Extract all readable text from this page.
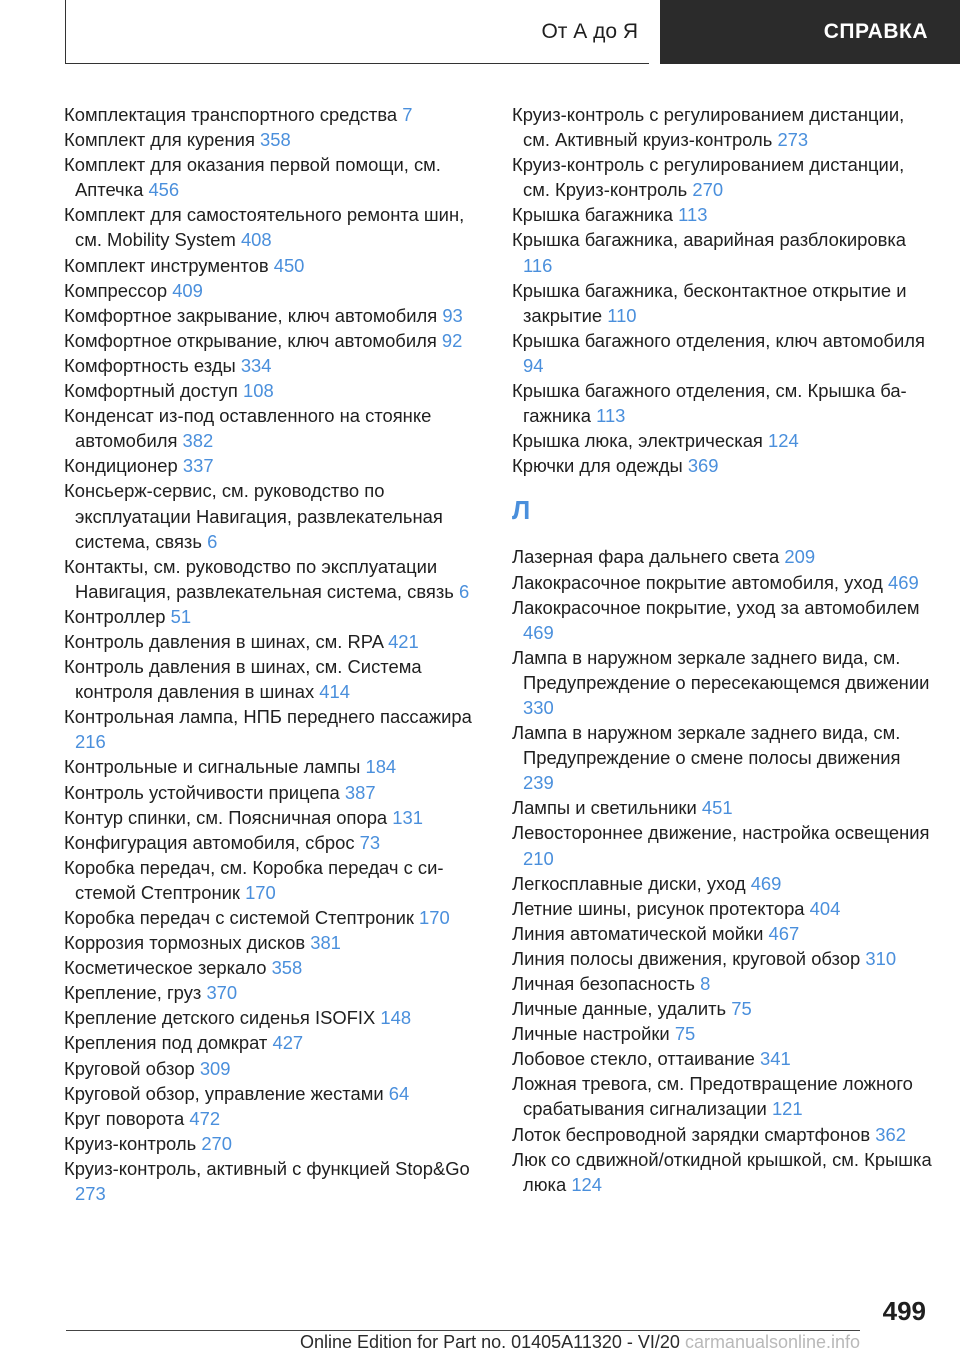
От А до Я	СПРАВКА
Комплектация транспортного средства 7
Комплект для курения 358
Комплект для оказания первой помощи, см. Аптечка 456
Комплект для самостоятельного ремонта шин, см. Mobility System 408
Комплект инструментов 450
Компрессор 409
Комфортное закрывание, ключ автомобиля 93
Комфортное открывание, ключ автомобиля 92
Комфортность езды 334
Комфортный доступ 108
Конденсат из-под оставленного на стоянке автомобиля 382
Кондиционер 337
Консьерж-сервис, см. руководство по эксплуатации Навигация, развлекательная система, связь 6
Контакты, см. руководство по эксплуатации Навигация, развлекательная система, связь 6
Контроллер 51
Контроль давления в шинах, см. RPA 421
Контроль давления в шинах, см. Система контроля давления в шинах 414
Контрольная лампа, НПБ переднего пассажира 216
Контрольные и сигнальные лампы 184
Контроль устойчивости прицепа 387
Контур спинки, см. Поясничная опора 131
Конфигурация автомобиля, сброс 73
Коробка передач, см. Коробка передач с системой Стептроник 170
Коробка передач с системой Стептроник 170
Коррозия тормозных дисков 381
Косметическое зеркало 358
Крепление, груз 370
Крепление детского сиденья ISOFIX 148
Крепления под домкрат 427
Круговой обзор 309
Круговой обзор, управление жестами 64
Круг поворота 472
Круиз-контроль 270
Круиз-контроль, активный с функцией Stop&Go 273
Круиз-контроль с регулированием дистанции, см. Активный круиз-контроль 273
Круиз-контроль с регулированием дистанции, см. Круиз-контроль 270
Крышка багажника 113
Крышка багажника, аварийная разблокировка 116
Крышка багажника, бесконтактное открытие и закрытие 110
Крышка багажного отделения, ключ автомобиля 94
Крышка багажного отделения, см. Крышка багажника 113
Крышка люка, электрическая 124
Крючки для одежды 369
Л
Лазерная фара дальнего света 209
Лакокрасочное покрытие автомобиля, уход 469
Лакокрасочное покрытие, уход за автомобилем 469
Лампа в наружном зеркале заднего вида, см. Предупреждение о пересекающемся движении 330
Лампа в наружном зеркале заднего вида, см. Предупреждение о смене полосы движения 239
Лампы и светильники 451
Левостороннее движение, настройка освещения 210
Легкосплавные диски, уход 469
Летние шины, рисунок протектора 404
Линия автоматической мойки 467
Линия полосы движения, круговой обзор 310
Личная безопасность 8
Личные данные, удалить 75
Личные настройки 75
Лобовое стекло, оттаивание 341
Ложная тревога, см. Предотвращение ложного срабатывания сигнализации 121
Лоток беспроводной зарядки смартфонов 362
Люк со сдвижной/откидной крышкой, см. Крышка люка 124
499
Online Edition for Part no. 01405A11320 - VI/20 carmanualsonline.info
